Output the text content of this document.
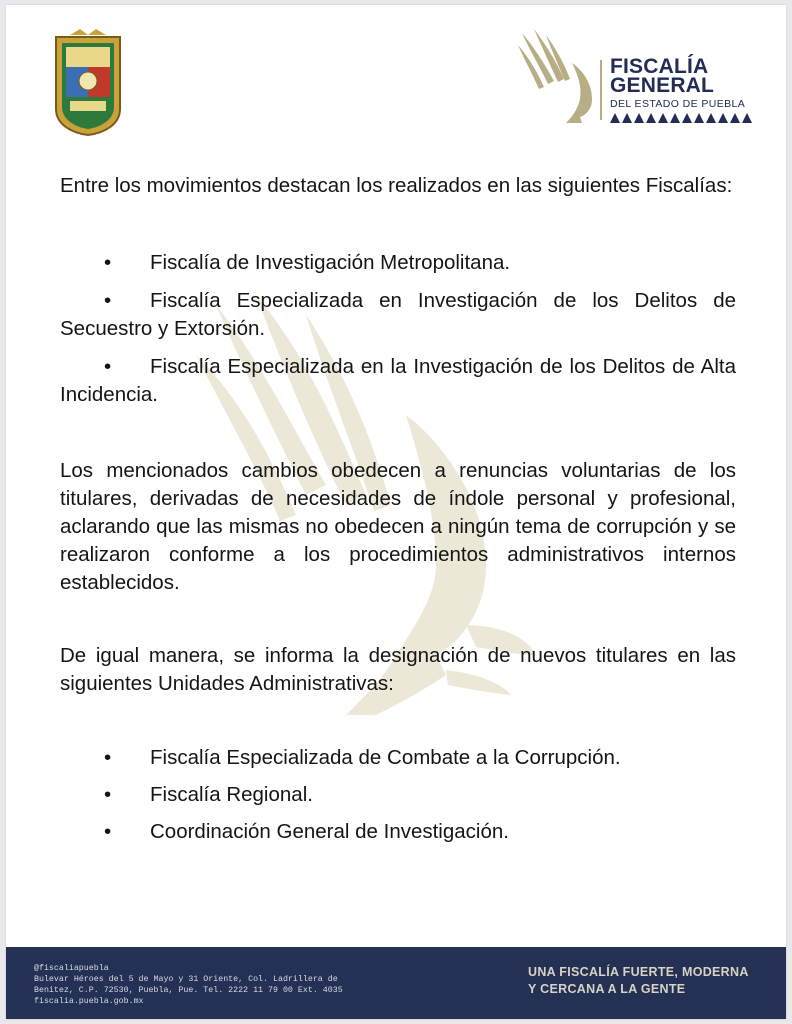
FISCALÍA
GENERAL
DEL ESTADO DE PUEBLA

Entre los movimientos destacan los realizados en las siguientes Fiscalías:

• Fiscalía de Investigación Metropolitana.
• Fiscalía Especializada en Investigación de los Delitos de Secuestro y Extorsión.
• Fiscalía Especializada en la Investigación de los Delitos de Alta Incidencia.

Los mencionados cambios obedecen a renuncias voluntarias de los titulares, derivadas de necesidades de índole personal y profesional, aclarando que las mismas no obedecen a ningún tema de corrupción y se realizaron conforme a los procedimientos administrativos internos establecidos.

De igual manera, se informa la designación de nuevos titulares en las siguientes Unidades Administrativas:

• Fiscalía Especializada de Combate a la Corrupción.
• Fiscalía Regional.
• Coordinación General de Investigación.
@fiscaliapuebla
Bulevar Héroes del 5 de Mayo y 31 Oriente, Col. Ladrillera de
Benitez, C.P. 72530, Puebla, Pue. Tel. 2222 11 79 00 Ext. 4035
fiscalia.puebla.gob.mx
UNA FISCALÍA FUERTE, MODERNA
Y CERCANA A LA GENTE
